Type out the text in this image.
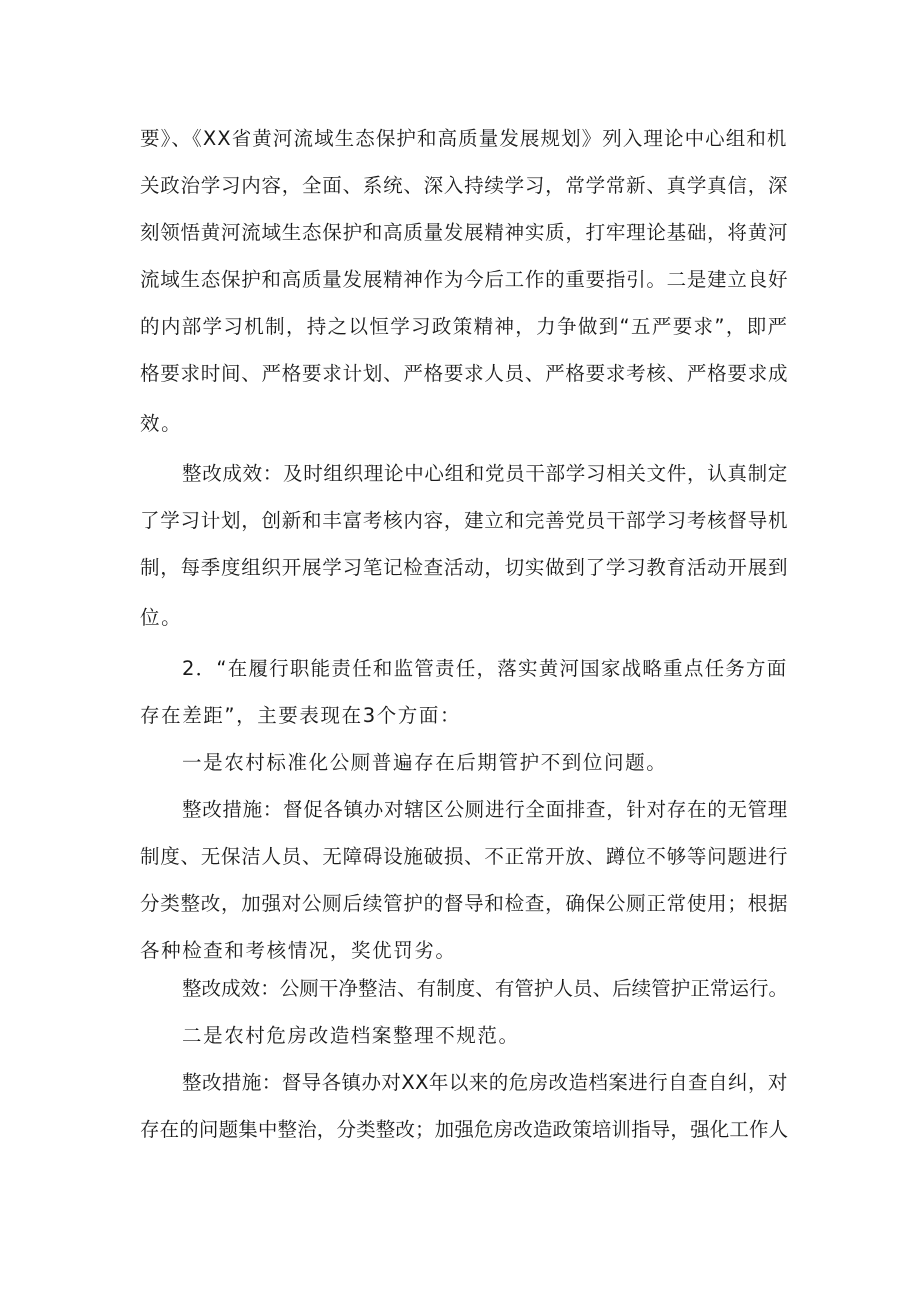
要》、《XX省黄河流域生态保护和高质量发展规划》列入理论中心组和机
关政治学习内容，全面、系统、深入持续学习，常学常新、真学真信，深
刻领悟黄河流域生态保护和高质量发展精神实质，打牢理论基础，将黄河
流域生态保护和高质量发展精神作为今后工作的重要指引。二是建立良好
的内部学习机制，持之以恒学习政策精神，力争做到“五严要求”，即严
格要求时间、严格要求计划、严格要求人员、严格要求考核、严格要求成
效。
整改成效：及时组织理论中心组和党员干部学习相关文件，认真制定
了学习计划，创新和丰富考核内容，建立和完善党员干部学习考核督导机
制，每季度组织开展学习笔记检查活动，切实做到了学习教育活动开展到
位。
2．“在履行职能责任和监管责任，落实黄河国家战略重点任务方面
存在差距”，主要表现在3个方面：
一是农村标准化公厕普遍存在后期管护不到位问题。
整改措施：督促各镇办对辖区公厕进行全面排查，针对存在的无管理
制度、无保洁人员、无障碍设施破损、不正常开放、蹲位不够等问题进行
分类整改，加强对公厕后续管护的督导和检查，确保公厕正常使用；根据
各种检查和考核情况，奖优罚劣。
整改成效：公厕干净整洁、有制度、有管护人员、后续管护正常运行。
二是农村危房改造档案整理不规范。
整改措施：督导各镇办对XX年以来的危房改造档案进行自查自纠，对
存在的问题集中整治，分类整改；加强危房改造政策培训指导，强化工作人
